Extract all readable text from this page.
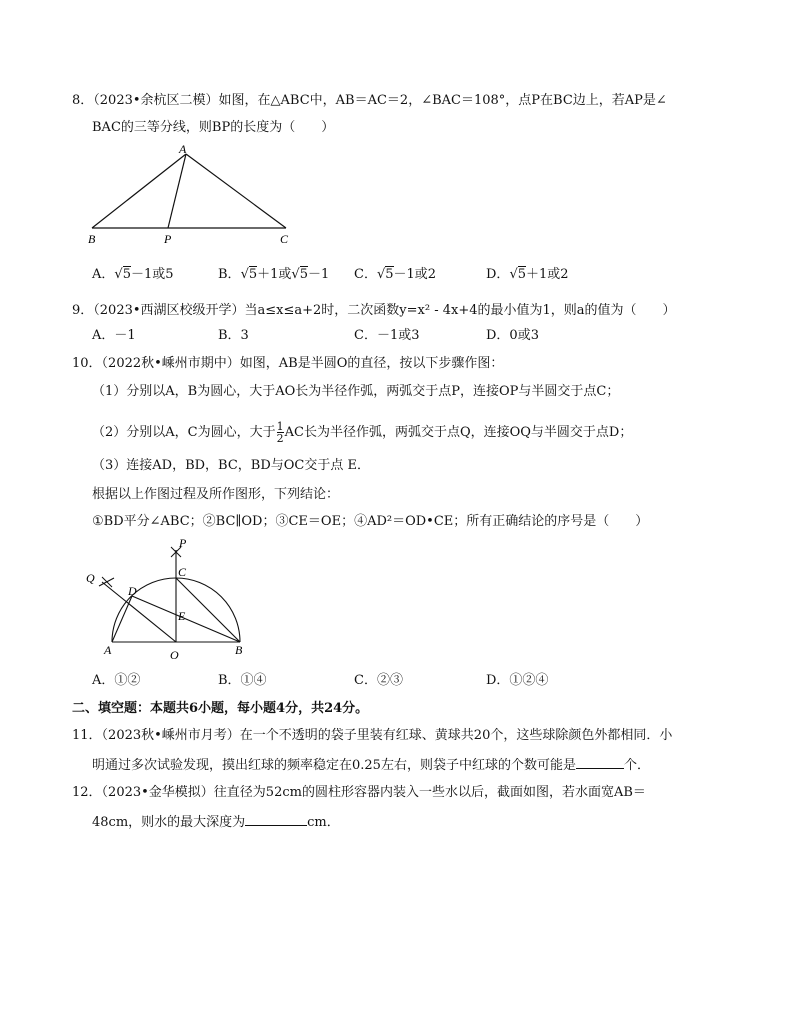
8．（2023•余杭区二模）如图，在△ABC中，AB＝AC＝2，∠BAC＝108°，点P在BC边上，若AP是∠
BAC的三等分线，则BP的长度为（　　）
A
B	P	C
A．√5－1或5	B．√5＋1或√5－1 C．√5－1或2	D．√5＋1或2
9．（2023•西湖区校级开学）当a≤x≤a+2时，二次函数y=x² - 4x+4的最小值为1，则a的值为（　　）
A．－1	B．3	C．－1或3	D．0或3
10．（2022秋•嵊州市期中）如图，AB是半圆O的直径，按以下步骤作图：
（1）分别以A，B为圆心，大于AO长为半径作弧，两弧交于点P，连接OP与半圆交于点C；
（2）分别以A，C为圆心，大于 $\frac{1}{2}$ AC长为半径作弧，两弧交于点Q，连接OQ与半圆交于点D；
（3）连接AD，BD，BC，BD与OC交于点 E．
根据以上作图过程及所作图形，下列结论：
①BD平分∠ABC；②BC∥OD；③CE＝OE；④AD²＝OD•CE；所有正确结论的序号是（　　）
P
Q
D
C
E
A	O	B
A．①②	B．①④	C．②③	D．①②④
二、填空题：本题共6小题，每小题4分，共24分。
11．（2023秋•嵊州市月考）在一个不透明的袋子里装有红球、黄球共20个，这些球除颜色外都相同．小
明通过多次试验发现，摸出红球的频率稳定在0.25左右，则袋子中红球的个数可能是	个．
12．（2023•金华模拟）往直径为52cm的圆柱形容器内装入一些水以后，截面如图，若水面宽AB＝
48cm，则水的最大深度为	cm．
